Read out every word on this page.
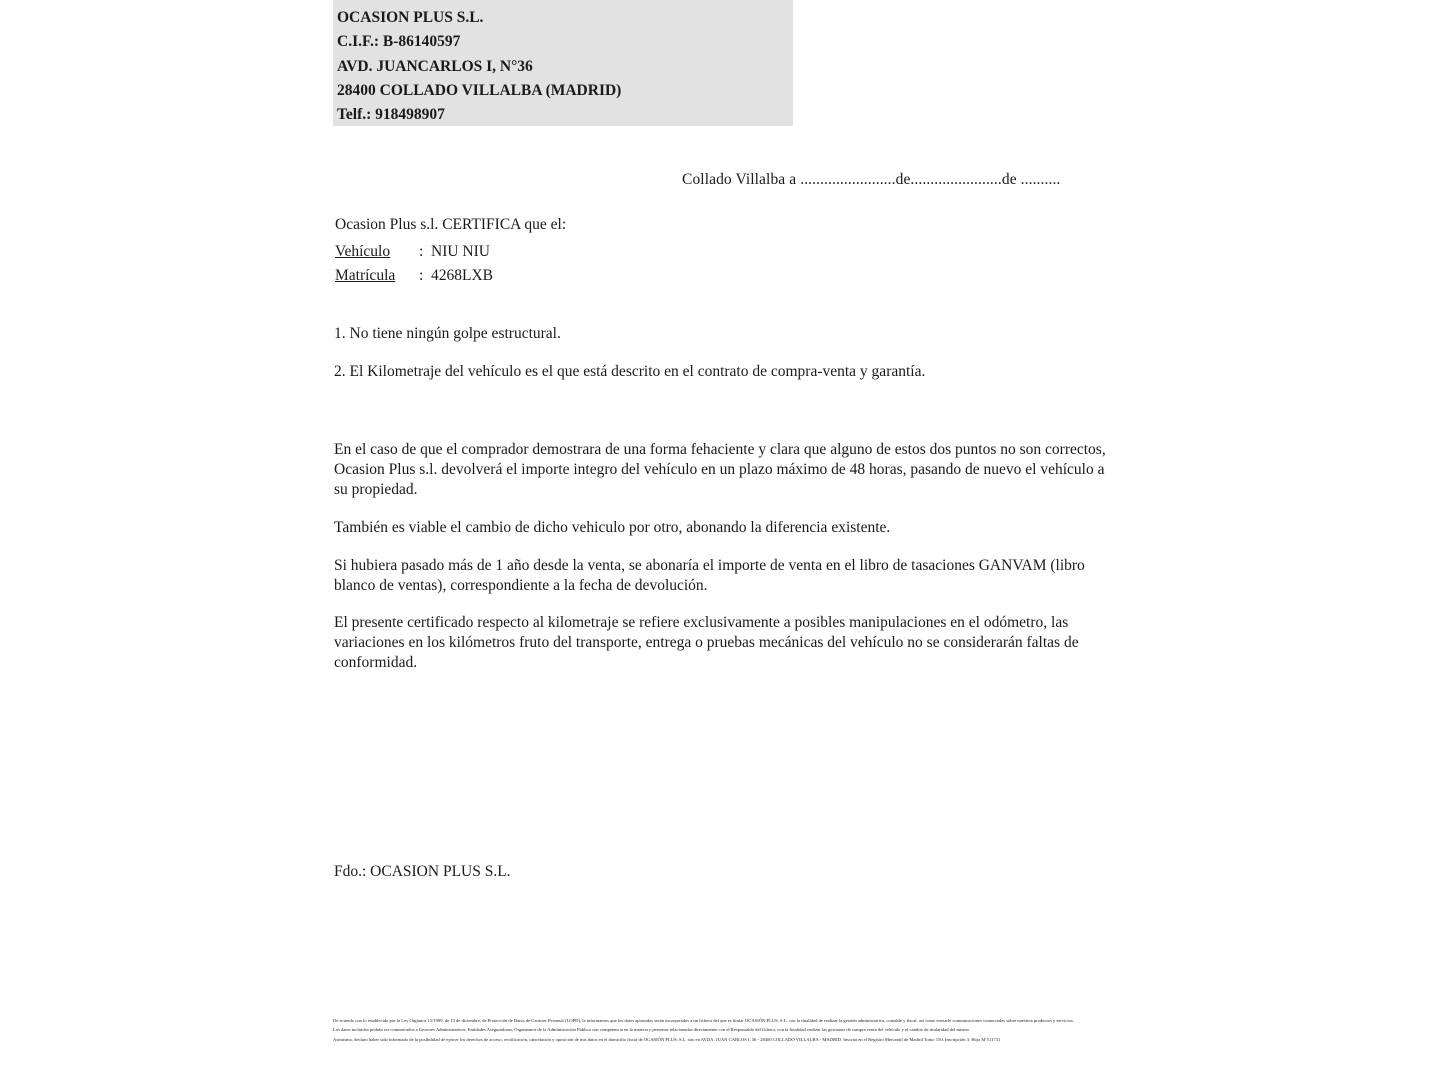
OCASION PLUS S.L.
C.I.F.: B-86140597
AVD. JUANCARLOS I, N°36
28400 COLLADO VILLALBA (MADRID)
Telf.: 918498907
Collado Villalba a ........................de.......................de ..........
Ocasion Plus s.l. CERTIFICA que el:
Vehículo : NIU NIU
Matrícula : 4268LXB
1. No tiene ningún golpe estructural.
2. El Kilometraje del vehículo es el que está descrito en el contrato de compra-venta y garantía.
En el caso de que el comprador demostrara de una forma fehaciente y clara que alguno de estos dos puntos no son correctos, Ocasion Plus s.l. devolverá el importe integro del vehículo en un plazo máximo de 48 horas, pasando de nuevo el vehículo a su propiedad.
También es viable el cambio de dicho vehiculo por otro, abonando la diferencia existente.
Si hubiera pasado más de 1 año desde la venta, se abonaría el importe de venta en el libro de tasaciones GANVAM (libro blanco de ventas), correspondiente a la fecha de devolución.
El presente certificado respecto al kilometraje se refiere exclusivamente a posibles manipulaciones en el odómetro, las variaciones en los kilómetros fruto del transporte, entrega o pruebas mecánicas del vehículo no se considerarán faltas de conformidad.
Fdo.: OCASION PLUS S.L.

De acuerdo con lo establecido por la Ley Orgánica 15/1999, de 13 de diciembre, de Protección de Datos de Carácter Personal (LOPD), le informamos que los datos aportados serán incorporados a un fichero del que es titular OCASIÓN PLUS, S.L. con la finalidad de realizar la gestión administrativa, contable y fiscal, así como enviarle comunicaciones comerciales sobre nuestros productos y servicios.

Los datos incluidos podrán ser comunicados a Gestores Administrativos, Entidades Aseguradoras, Organismos de la Administración Pública con competencia en la materia y personas relacionadas directamente con el Responsable del fichero, con la finalidad realizar las gestiones de compra venta del vehículo y el cambio de titularidad del mismo.

Asimismo, declaro haber sido informado de la posibilidad de ejercer los derechos de acceso, rectificación, cancelación y oposición de mis datos en el domicilio fiscal de OCASIÓN PLUS, S.L. sito en AVDA. JUAN CARLOS I, 36 - 28400 COLLADO VILLALBA - MADRID. Inscrita en el Registro Mercantil de Madrid Tomo 150, Inscripción 3, Hoja M 511731
